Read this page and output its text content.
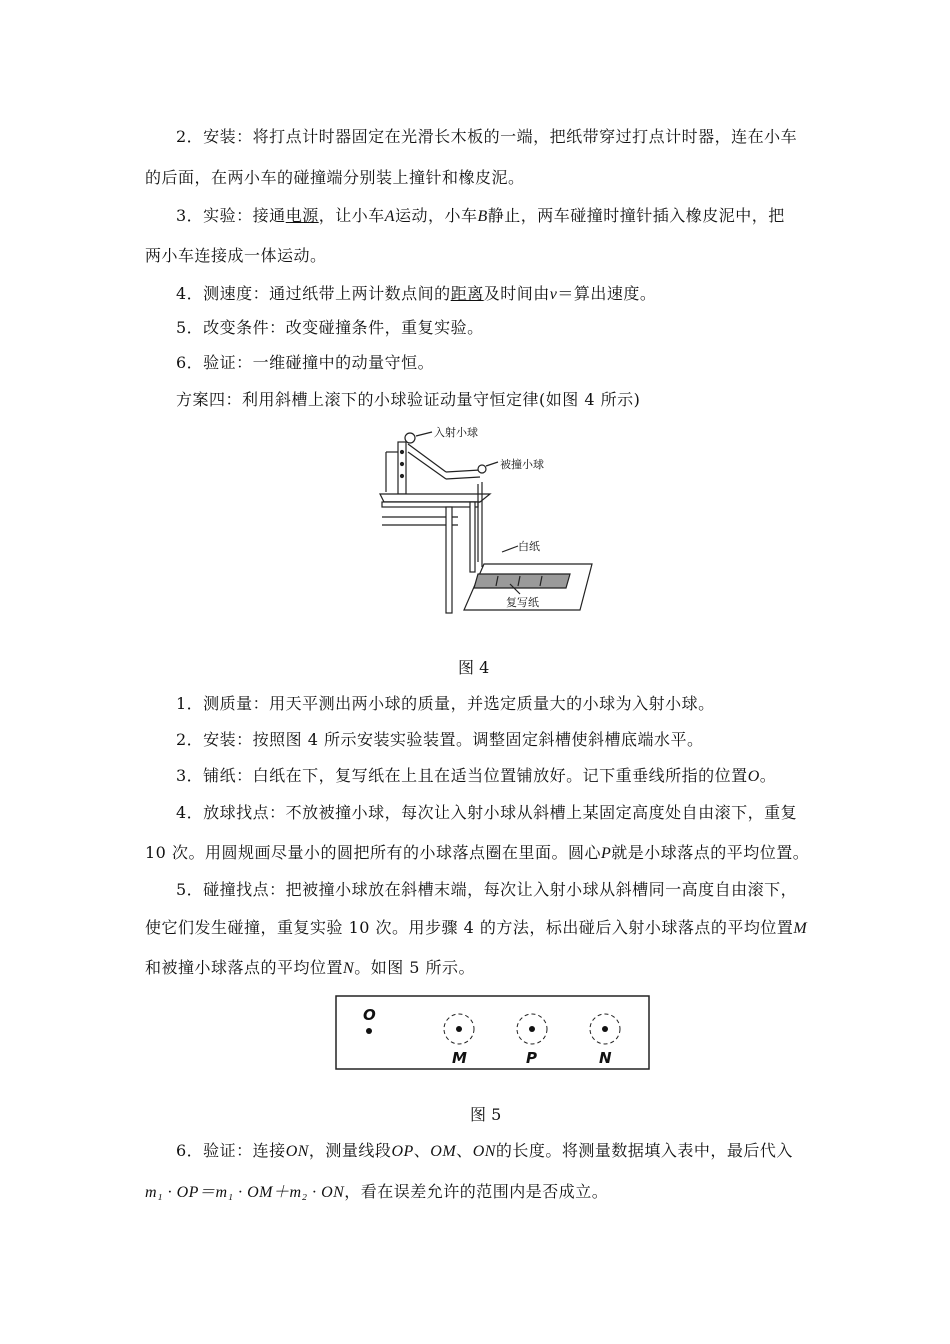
2．安装：将打点计时器固定在光滑长木板的一端，把纸带穿过打点计时器，连在小车
的后面，在两小车的碰撞端分别装上撞针和橡皮泥。
3．实验：接通电源，让小车A运动，小车B静止，两车碰撞时撞针插入橡皮泥中，把
两小车连接成一体运动。
4．测速度：通过纸带上两计数点间的距离及时间由v＝算出速度。
5．改变条件：改变碰撞条件，重复实验。
6．验证：一维碰撞中的动量守恒。
方案四：利用斜槽上滚下的小球验证动量守恒定律(如图 4 所示)
入射小球
被撞小球
白纸
复写纸
图 4
1．测质量：用天平测出两小球的质量，并选定质量大的小球为入射小球。
2．安装：按照图 4 所示安装实验装置。调整固定斜槽使斜槽底端水平。
3．铺纸：白纸在下，复写纸在上且在适当位置铺放好。记下重垂线所指的位置O。
4．放球找点：不放被撞小球，每次让入射小球从斜槽上某固定高度处自由滚下，重复
10 次。用圆规画尽量小的圆把所有的小球落点圈在里面。圆心P就是小球落点的平均位置。
5．碰撞找点：把被撞小球放在斜槽末端，每次让入射小球从斜槽同一高度自由滚下，
使它们发生碰撞，重复实验 10 次。用步骤 4 的方法，标出碰后入射小球落点的平均位置M
和被撞小球落点的平均位置N。如图 5 所示。
O
M	P	N
图 5
6．验证：连接ON，测量线段OP、OM、ON的长度。将测量数据填入表中，最后代入
m₁ · OP＝m₁ · OM＋m₂ · ON，看在误差允许的范围内是否成立。
